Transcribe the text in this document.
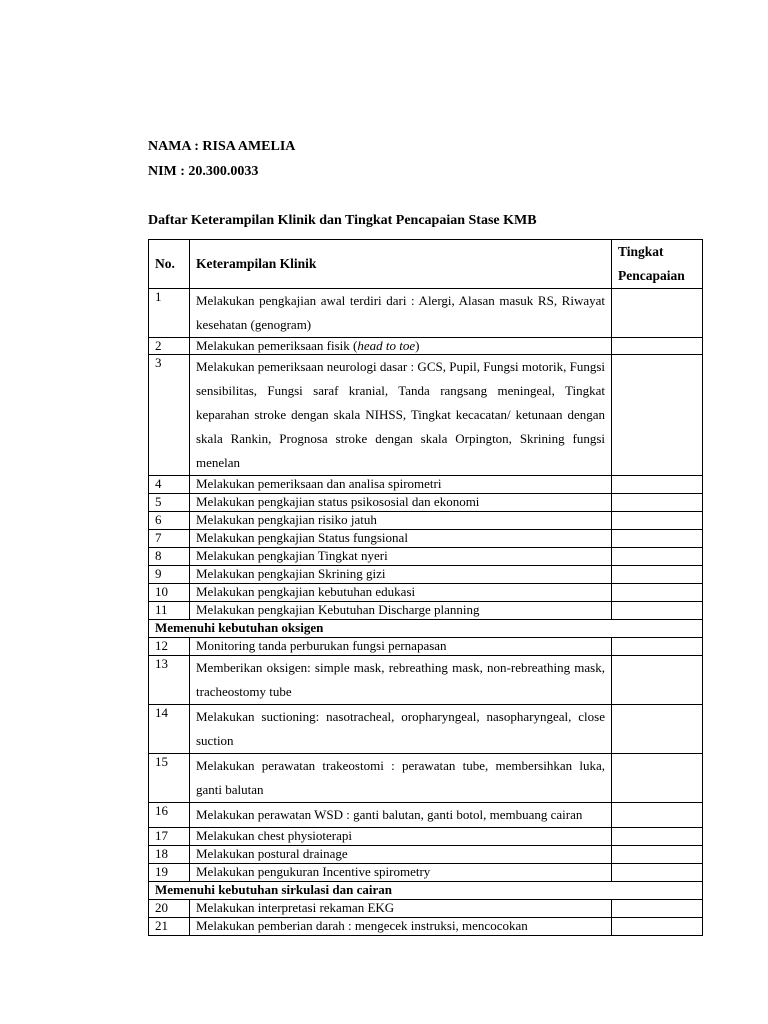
NAMA : RISA AMELIA
NIM : 20.300.0033
Daftar Keterampilan Klinik dan Tingkat Pencapaian Stase KMB
No.	Keterampilan Klinik	Tingkat
Pencapaian
1	Melakukan pengkajian awal terdiri dari : Alergi, Alasan masuk RS, Riwayat kesehatan (genogram)	
2	Melakukan pemeriksaan fisik (head to toe)	
3	Melakukan pemeriksaan neurologi dasar : GCS, Pupil, Fungsi motorik, Fungsi sensibilitas, Fungsi saraf kranial, Tanda rangsang meningeal, Tingkat keparahan stroke dengan skala NIHSS, Tingkat kecacatan/ ketunaan dengan skala Rankin, Prognosa stroke dengan skala Orpington, Skrining fungsi menelan	
4	Melakukan pemeriksaan dan analisa spirometri	
5	Melakukan pengkajian status psikososial dan ekonomi	
6	Melakukan pengkajian risiko jatuh	
7	Melakukan pengkajian Status fungsional	
8	Melakukan pengkajian Tingkat nyeri	
9	Melakukan pengkajian Skrining gizi	
10	Melakukan pengkajian kebutuhan edukasi	
11	Melakukan pengkajian Kebutuhan Discharge planning	
Memenuhi kebutuhan oksigen		
12	Monitoring tanda perburukan fungsi pernapasan	
13	Memberikan oksigen: simple mask, rebreathing mask, non-rebreathing mask, tracheostomy tube	
14	Melakukan suctioning: nasotracheal, oropharyngeal, nasopharyngeal, close suction	
15	Melakukan perawatan trakeostomi : perawatan tube, membersihkan luka, ganti balutan	
16	Melakukan perawatan WSD : ganti balutan, ganti botol, membuang cairan	
17	Melakukan chest physioterapi	
18	Melakukan postural drainage	
19	Melakukan pengukuran Incentive spirometry	
Memenuhi kebutuhan sirkulasi dan cairan		
20	Melakukan interpretasi rekaman EKG	
21	Melakukan pemberian darah : mengecek instruksi, mencocokan	
